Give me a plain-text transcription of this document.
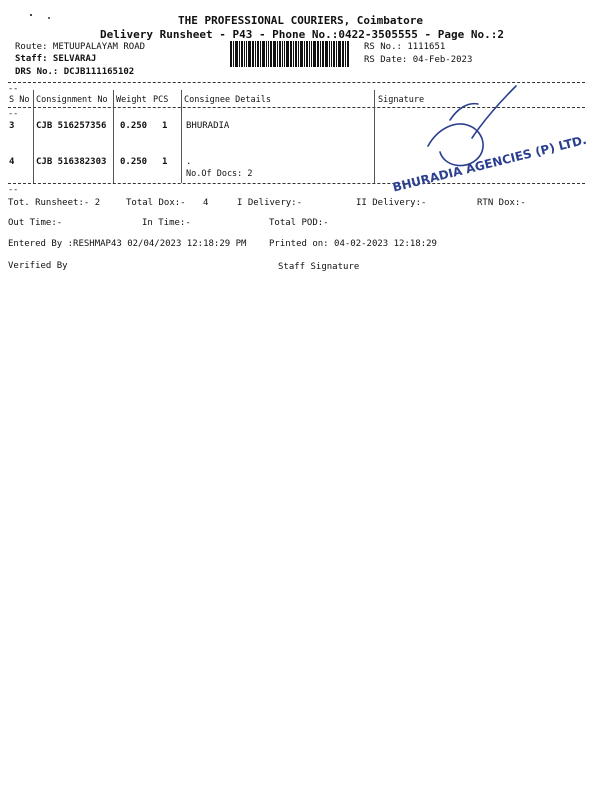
THE PROFESSIONAL COURIERS, Coimbatore
Delivery Runsheet - P43 - Phone No.:0422-3505555 - Page No.:2
Route: METUUPALAYAM ROAD
Staff: SELVARAJ
DRS No.: DCJB111165102
RS No.: 1111651
RS Date: 04-Feb-2023
--
--
--
S No Consignment No Weight PCS Consignee Details	Signature
3 CJB 516257356 0.250 1 BHURADIA
4 CJB 516382303 0.250 1 .
No.Of Docs: 2	BHURADIA AGENCIES (P) LTD.
Tot. Runsheet:- 2	Total Dox:- 4	I Delivery:-	II Delivery:-	RTN Dox:-
Out Time:-	In Time:-	Total POD:-
Entered By :RESHMAP43 02/04/2023 12:18:29 PM	Printed on: 04-02-2023 12:18:29
Verified By	Staff Signature
